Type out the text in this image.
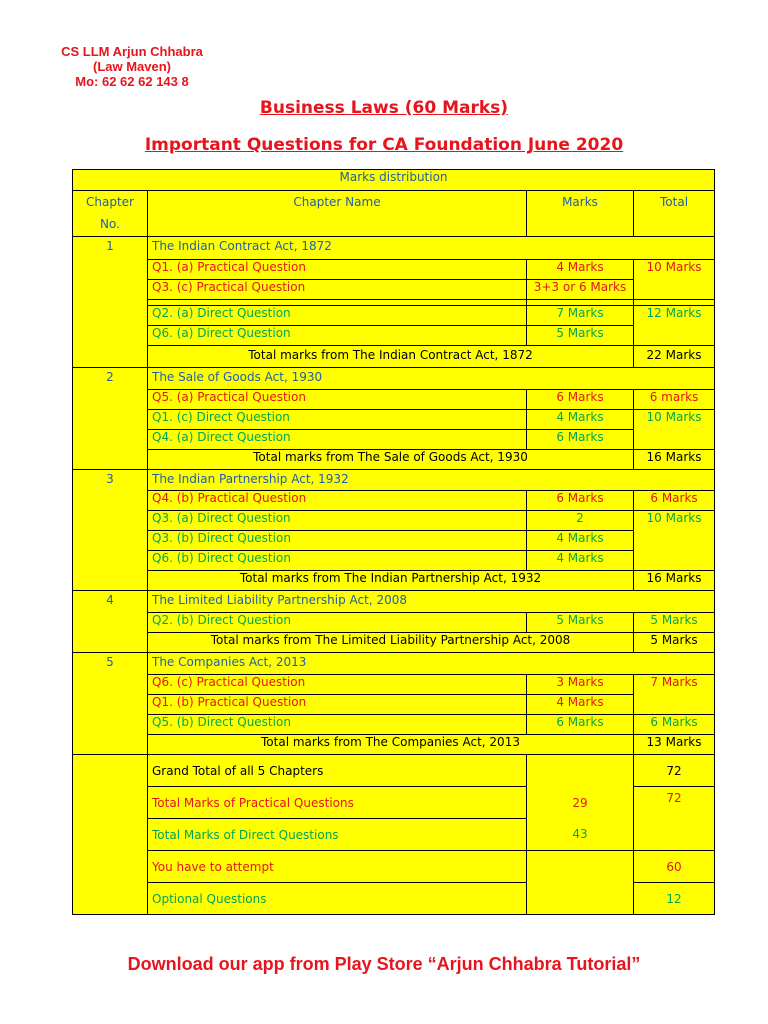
CS LLM Arjun Chhabra
(Law Maven)
Mo: 62 62 62 143 8
Business Laws (60 Marks)
Important Questions for CA Foundation June 2020
Marks distribution			
Chapter
No.	Chapter Name	Marks	Total
1	The Indian Contract Act, 1872		
	Q1. (a) Practical Question	4 Marks	10 Marks
	Q3. (c) Practical Question	3+3 or 6 Marks	

	Q2. (a) Direct Question	7 Marks	12 Marks
	Q6. (a) Direct Question	5 Marks	
	Total marks from The Indian Contract Act, 1872		22 Marks
2	The Sale of Goods Act, 1930		
	Q5. (a) Practical Question	6 Marks	6 marks
	Q1. (c) Direct Question	4 Marks	10 Marks
	Q4. (a) Direct Question	6 Marks	
	Total marks from The Sale of Goods Act, 1930		16 Marks
3	The Indian Partnership Act, 1932		
	Q4. (b) Practical Question	6 Marks	6 Marks
	Q3. (a) Direct Question	2	10 Marks
	Q3. (b) Direct Question	4 Marks	
	Q6. (b) Direct Question	4 Marks	
	Total marks from The Indian Partnership Act, 1932		16 Marks
4	The Limited Liability Partnership Act, 2008		
	Q2. (b) Direct Question	5 Marks	5 Marks
	Total marks from The Limited Liability Partnership Act, 2008		5 Marks
5	The Companies Act, 2013		
	Q6. (c) Practical Question	3 Marks	7 Marks
	Q1. (b) Practical Question	4 Marks	
	Q5. (b) Direct Question	6 Marks	6 Marks
	Total marks from The Companies Act, 2013		13 Marks
	Grand Total of all 5 Chapters		72
	Total Marks of Practical Questions	29	72
	Total Marks of Direct Questions	43	
	You have to attempt		60
	Optional Questions		12
Download our app from Play Store “Arjun Chhabra Tutorial”
